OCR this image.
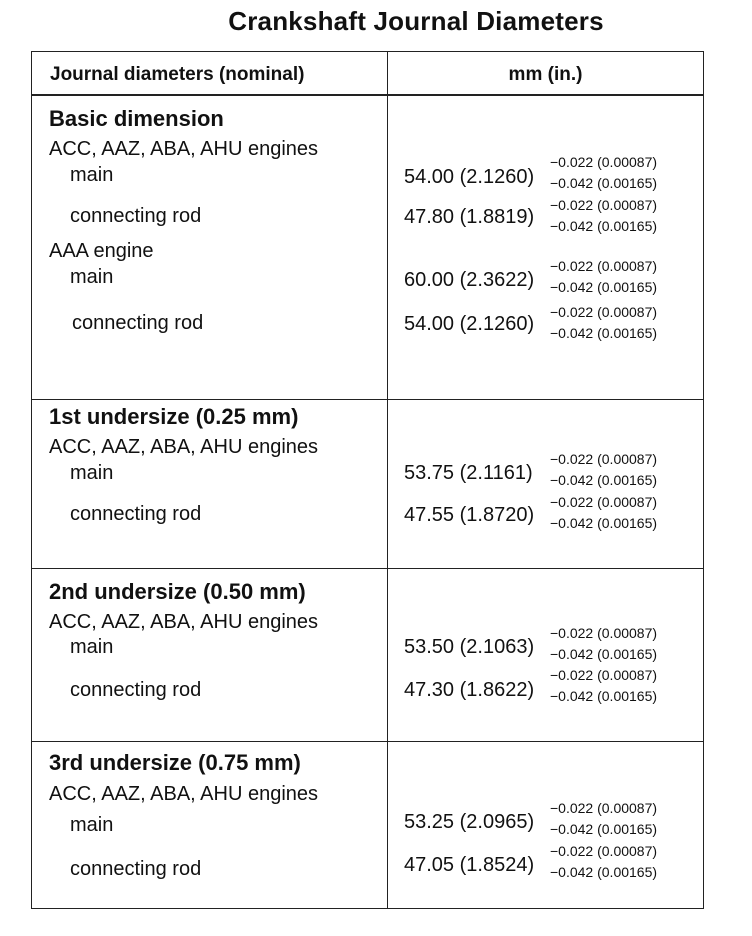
Crankshaft Journal Diameters
Journal diameters (nominal)	mm (in.)
Basic dimension
ACC, AAZ, ABA, AHU engines
main	54.00 (2.1260)
−0.022 (0.00087)
−0.042 (0.00165)
connecting rod	47.80 (1.8819)
−0.022 (0.00087)
−0.042 (0.00165)
AAA engine
main	60.00 (2.3622)
−0.022 (0.00087)
−0.042 (0.00165)
connecting rod	54.00 (2.1260)
−0.022 (0.00087)
−0.042 (0.00165)
1st undersize (0.25 mm)
ACC, AAZ, ABA, AHU engines
main	53.75 (2.1161)
−0.022 (0.00087)
−0.042 (0.00165)
connecting rod	47.55 (1.8720)
−0.022 (0.00087)
−0.042 (0.00165)
2nd undersize (0.50 mm)
ACC, AAZ, ABA, AHU engines
main	53.50 (2.1063)
−0.022 (0.00087)
−0.042 (0.00165)
connecting rod	47.30 (1.8622)
−0.022 (0.00087)
−0.042 (0.00165)
3rd undersize (0.75 mm)
ACC, AAZ, ABA, AHU engines
main	53.25 (2.0965)
−0.022 (0.00087)
−0.042 (0.00165)
connecting rod	47.05 (1.8524)
−0.022 (0.00087)
−0.042 (0.00165)
